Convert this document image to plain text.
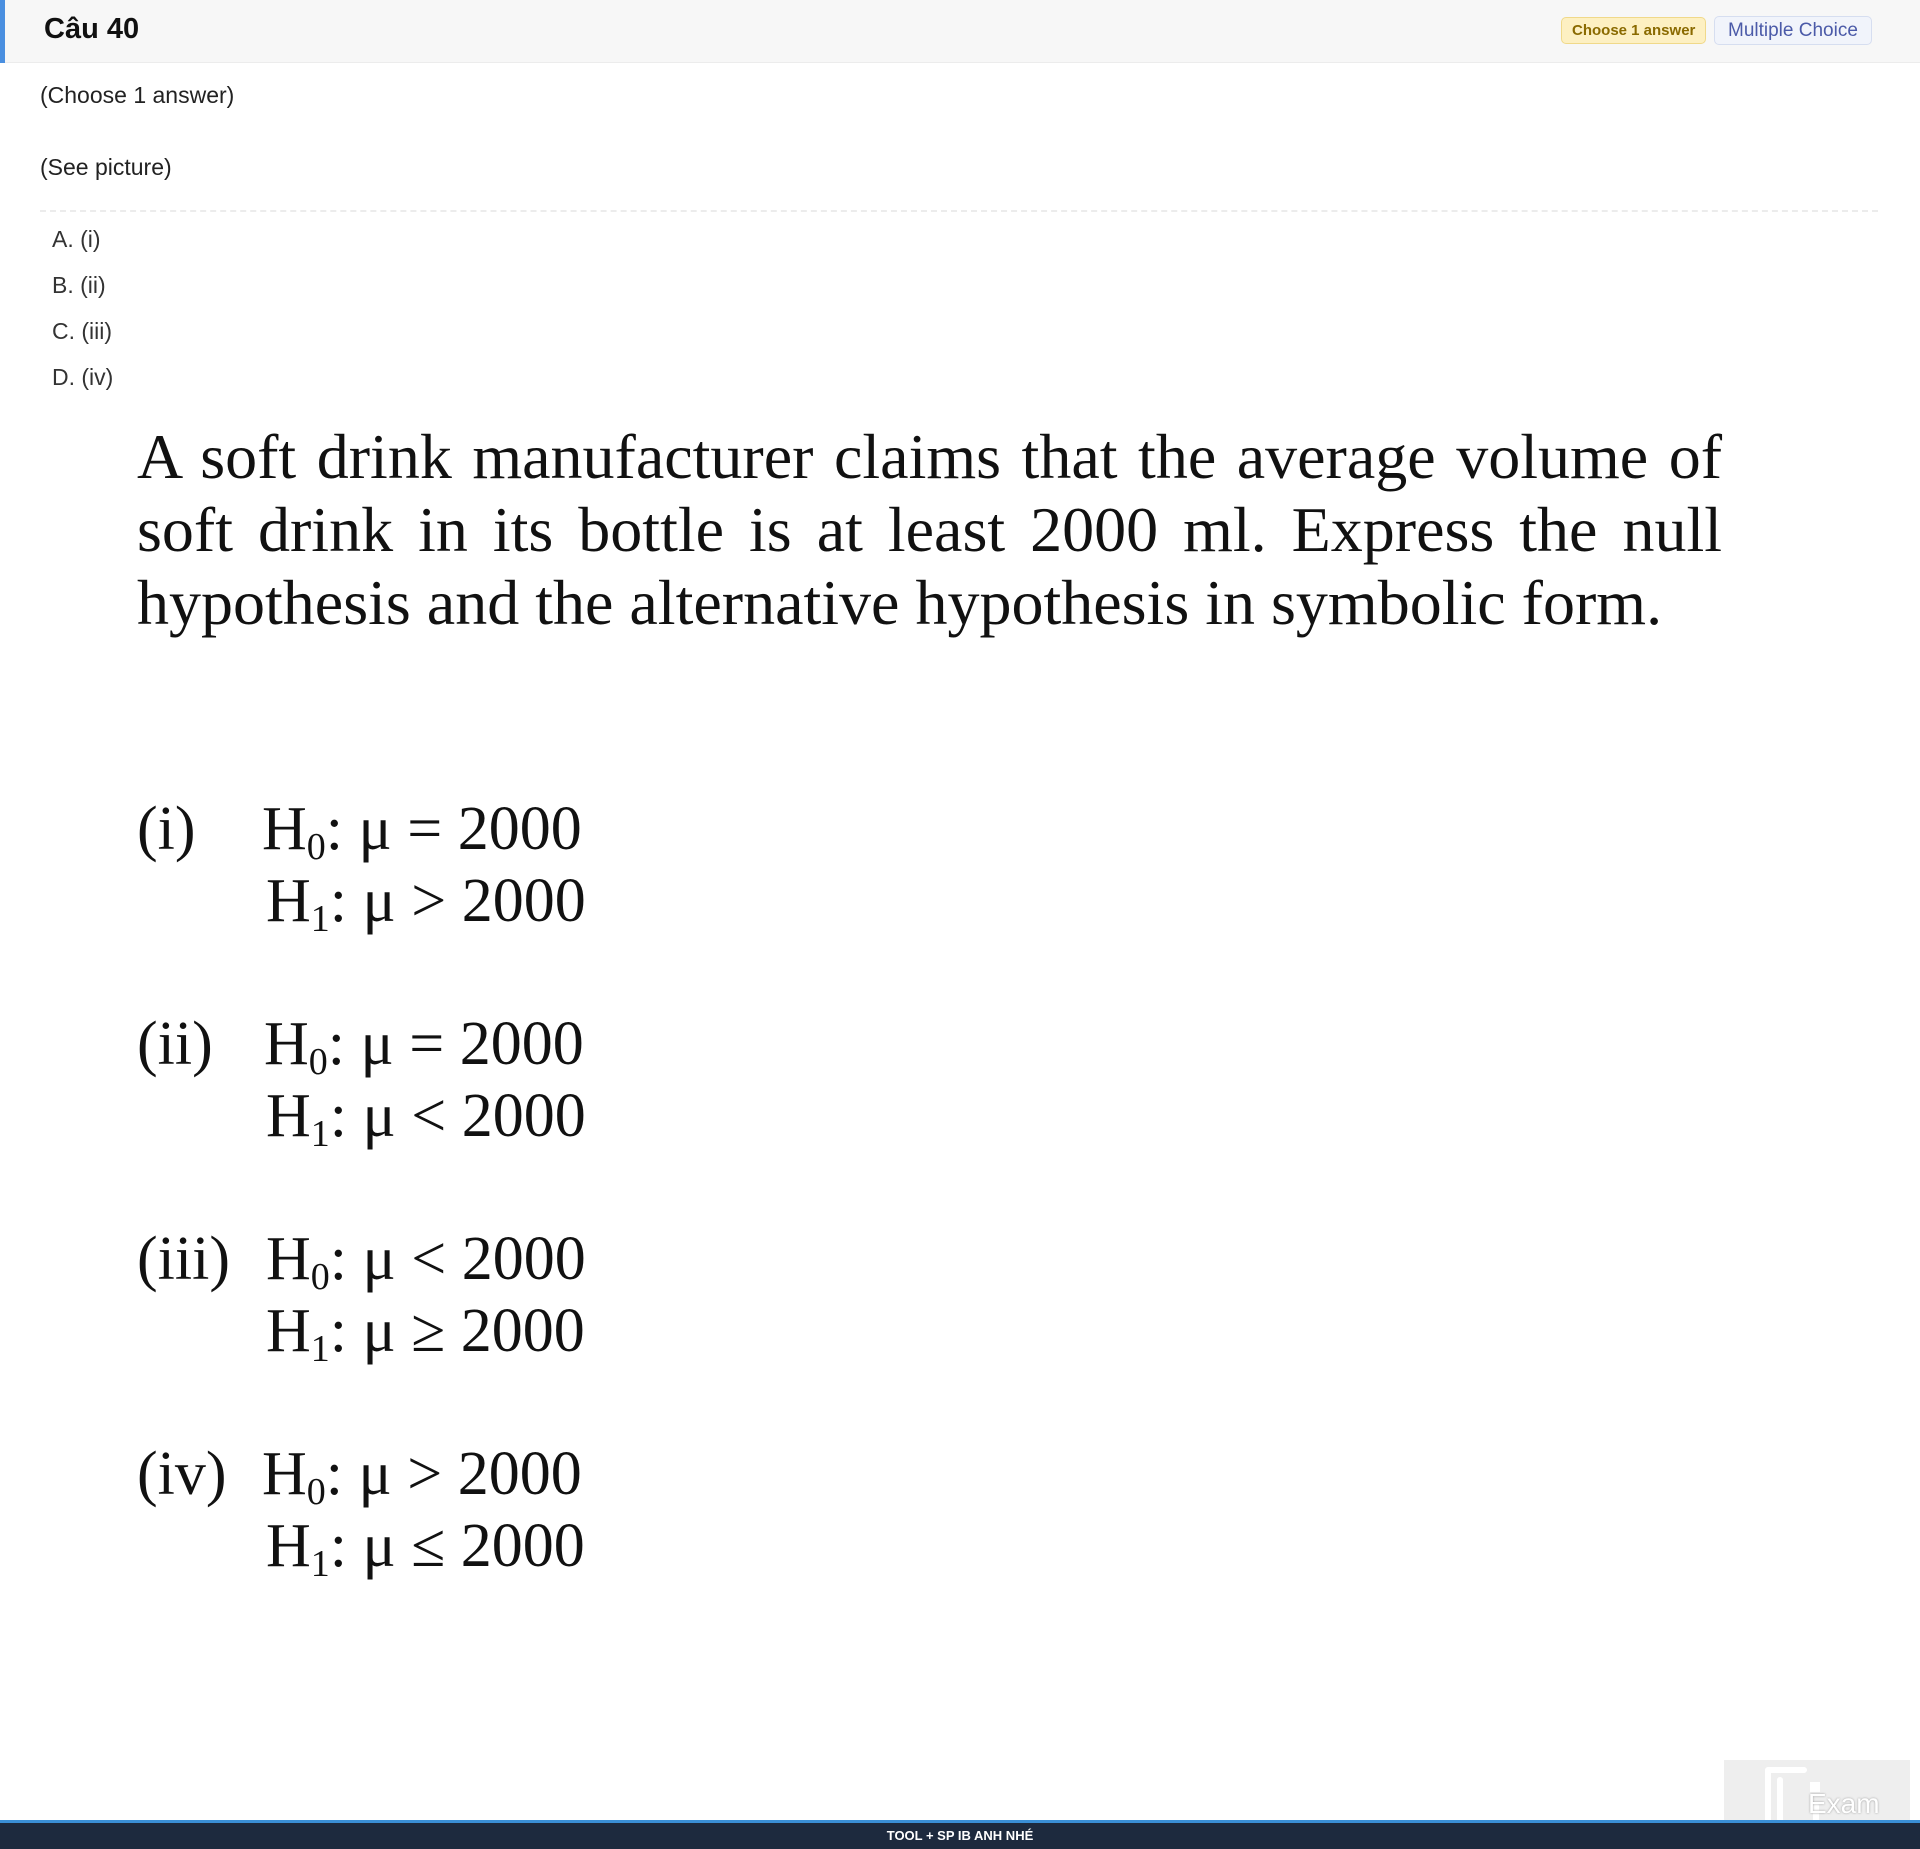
Câu 40	Choose 1 answer	Multiple Choice
(Choose 1 answer)
(See picture)
A. (i)
B. (ii)
C. (iii)
D. (iv)
A soft drink manufacturer claims that the average volume of soft drink in its bottle is at least 2000 ml. Express the null hypothesis and the alternative hypothesis in symbolic form.
(i) $H_0$: μ = 2000
$H_1$: μ > 2000
(ii) $H_0$: μ = 2000
$H_1$: μ < 2000
(iii) $H_0$: μ < 2000
$H_1$: μ ≥ 2000
(iv) $H_0$: μ > 2000
$H_1$: μ ≤ 2000
Exam
TOOL + SP IB ANH NHÉ
